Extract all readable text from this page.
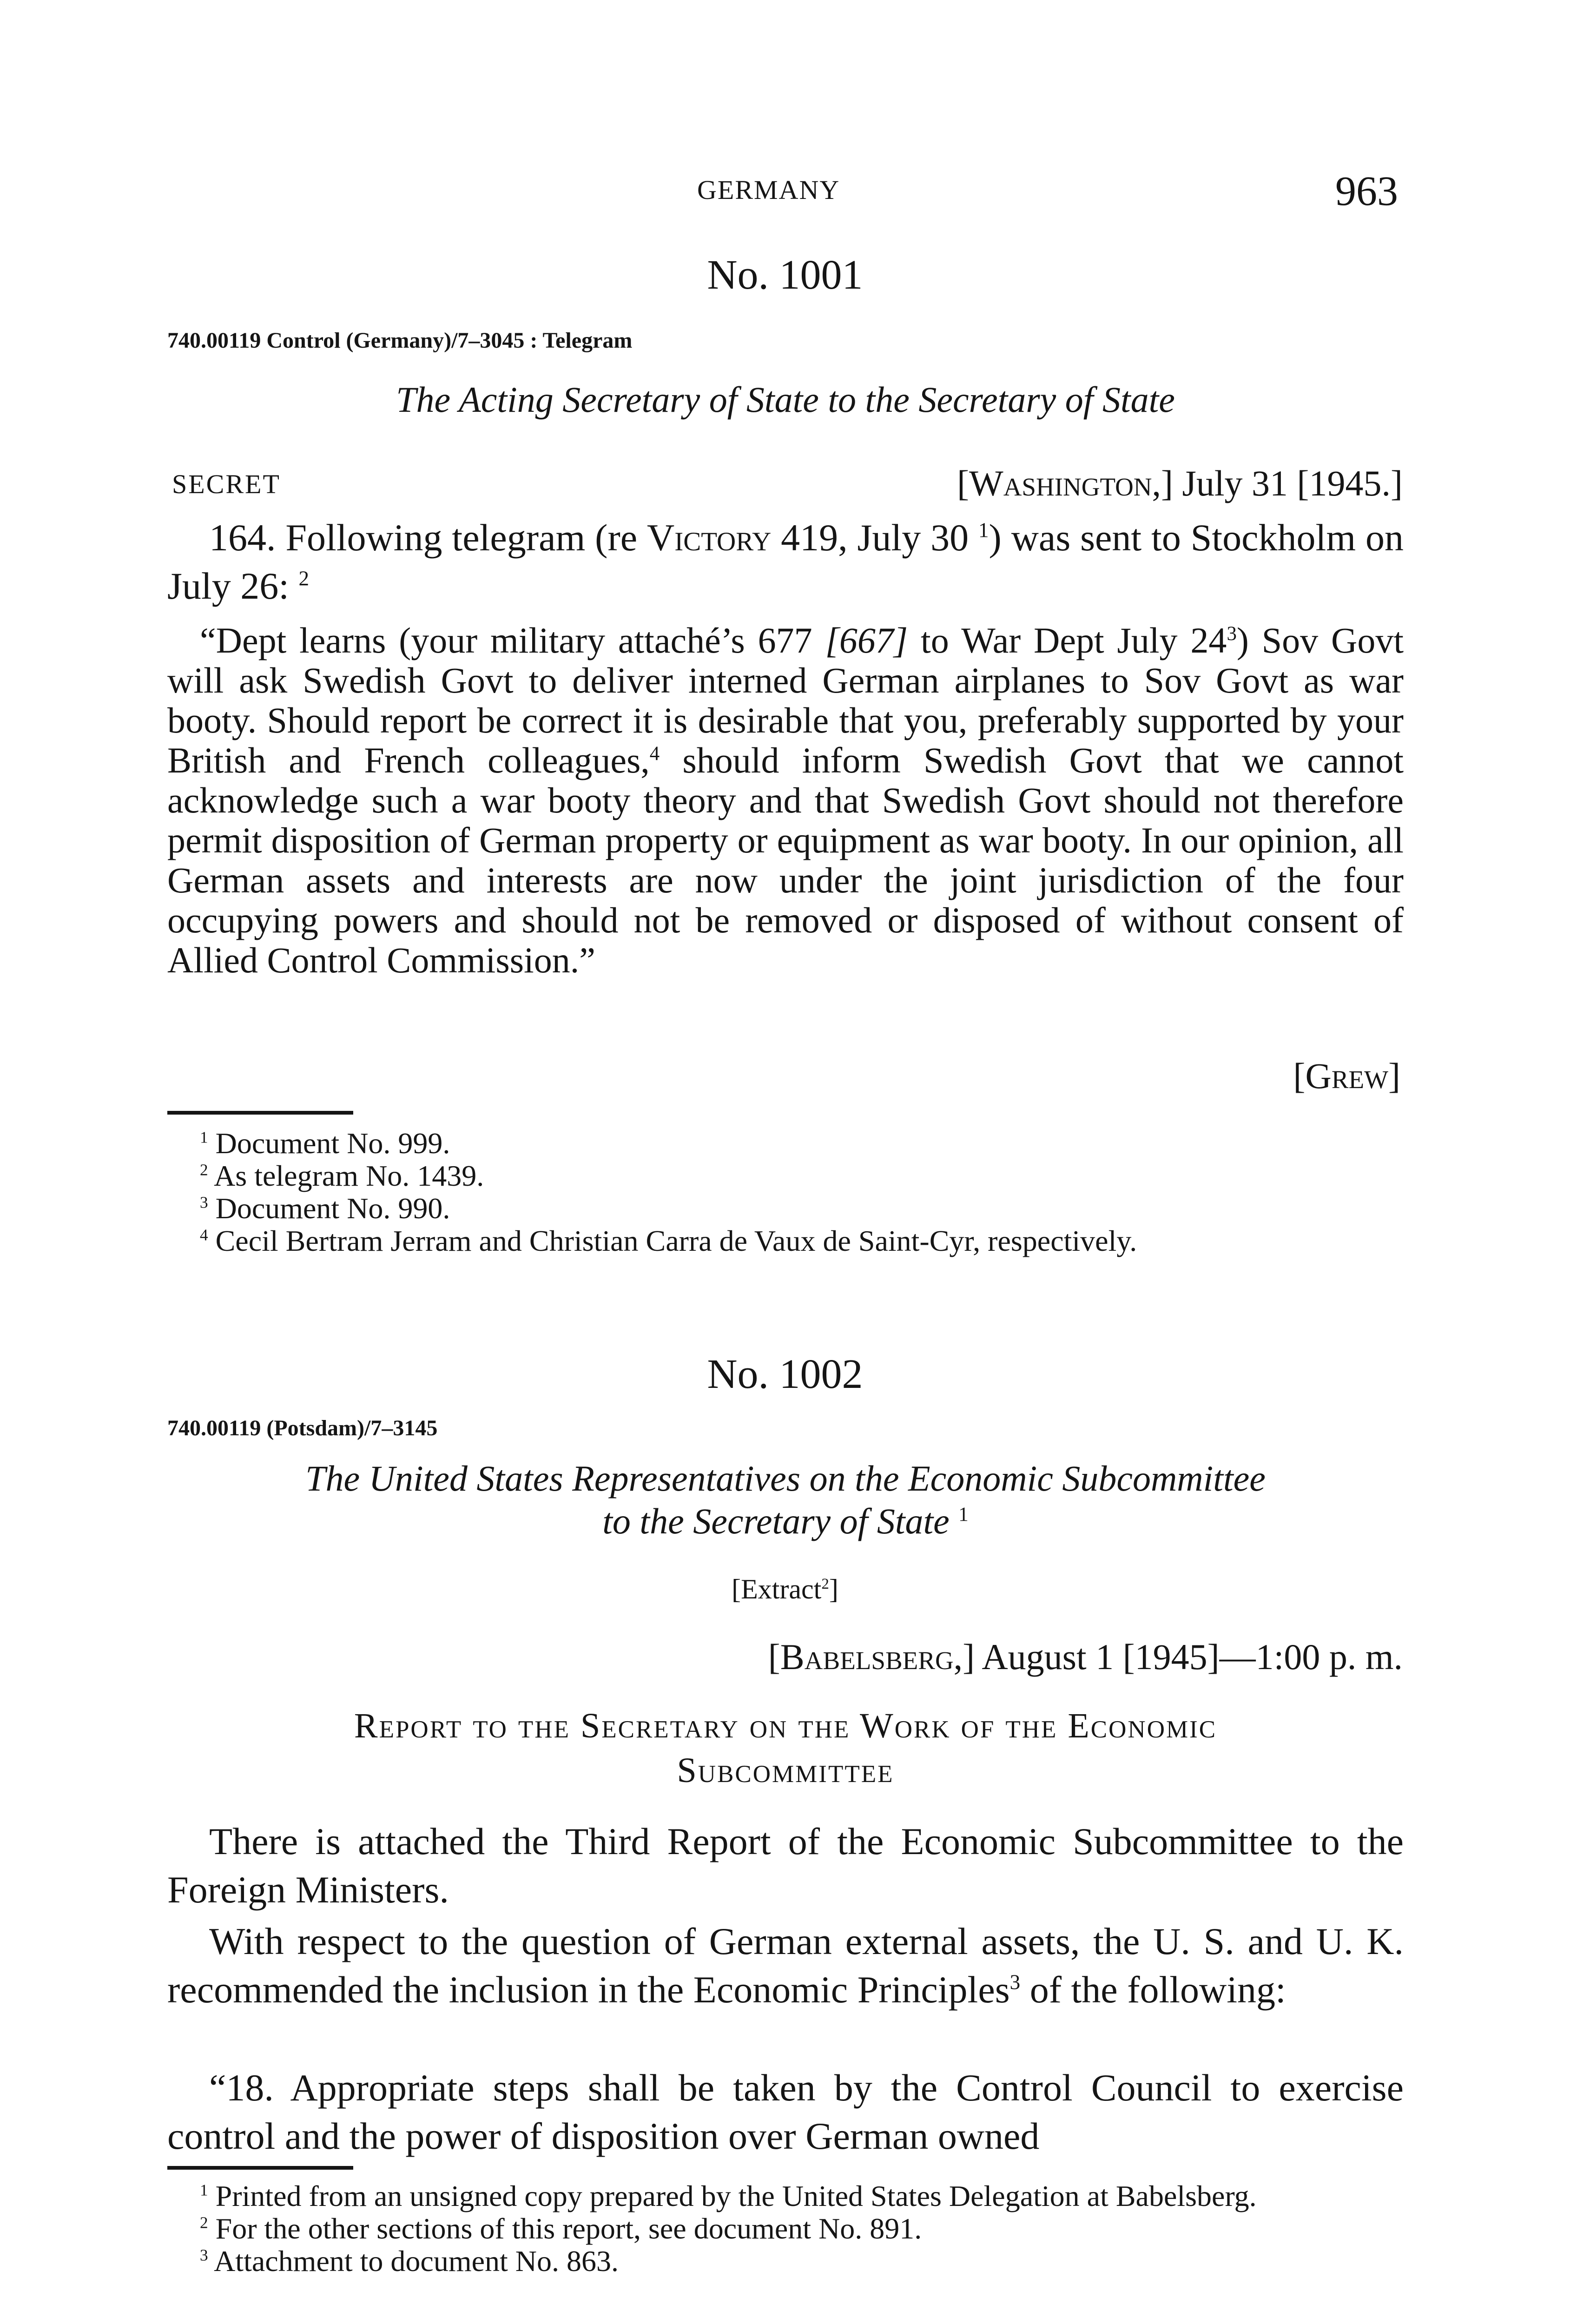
GERMANY	963
No. 1001
740.00119 Control (Germany)/7–3045 : Telegram
The Acting Secretary of State to the Secretary of State
SECRET	[Washington,] July 31 [1945.]
164. Following telegram (re Victory 419, July 30 $^1$) was sent to Stockholm on July 26: $^2$
“Dept learns (your military attaché’s 677 [667] to War Dept July $24^3$) Sov Govt will ask Swedish Govt to deliver interned German airplanes to Sov Govt as war booty. Should report be correct it is desirable that you, preferably supported by your British and French colleagues,$^4$ should inform Swedish Govt that we cannot acknowledge such a war booty theory and that Swedish Govt should not therefore permit disposition of German property or equipment as war booty. In our opinion, all German assets and interests are now under the joint jurisdiction of the four occupying powers and should not be removed or disposed of without consent of Allied Control Commission.”
[Grew]
$^1$ Document No. 999.
$^2$ As telegram No. 1439.
$^3$ Document No. 990.
$^4$ Cecil Bertram Jerram and Christian Carra de Vaux de Saint-Cyr, respectively.
No. 1002
740.00119 (Potsdam)/7–3145
The United States Representatives on the Economic Subcommittee
to the Secretary of State $^1$
[Extract$^2$]
[Babelsberg,] August 1 [1945]—1:00 p. m.
Report to the Secretary on the Work of the Economic
Subcommittee
There is attached the Third Report of the Economic Subcommittee to the Foreign Ministers.
With respect to the question of German external assets, the U. S. and U. K. recommended the inclusion in the Economic Principles$^3$ of the following:
“18. Appropriate steps shall be taken by the Control Council to exercise control and the power of disposition over German owned
$^1$ Printed from an unsigned copy prepared by the United States Delegation at Babelsberg.
$^2$ For the other sections of this report, see document No. 891.
$^3$ Attachment to document No. 863.
